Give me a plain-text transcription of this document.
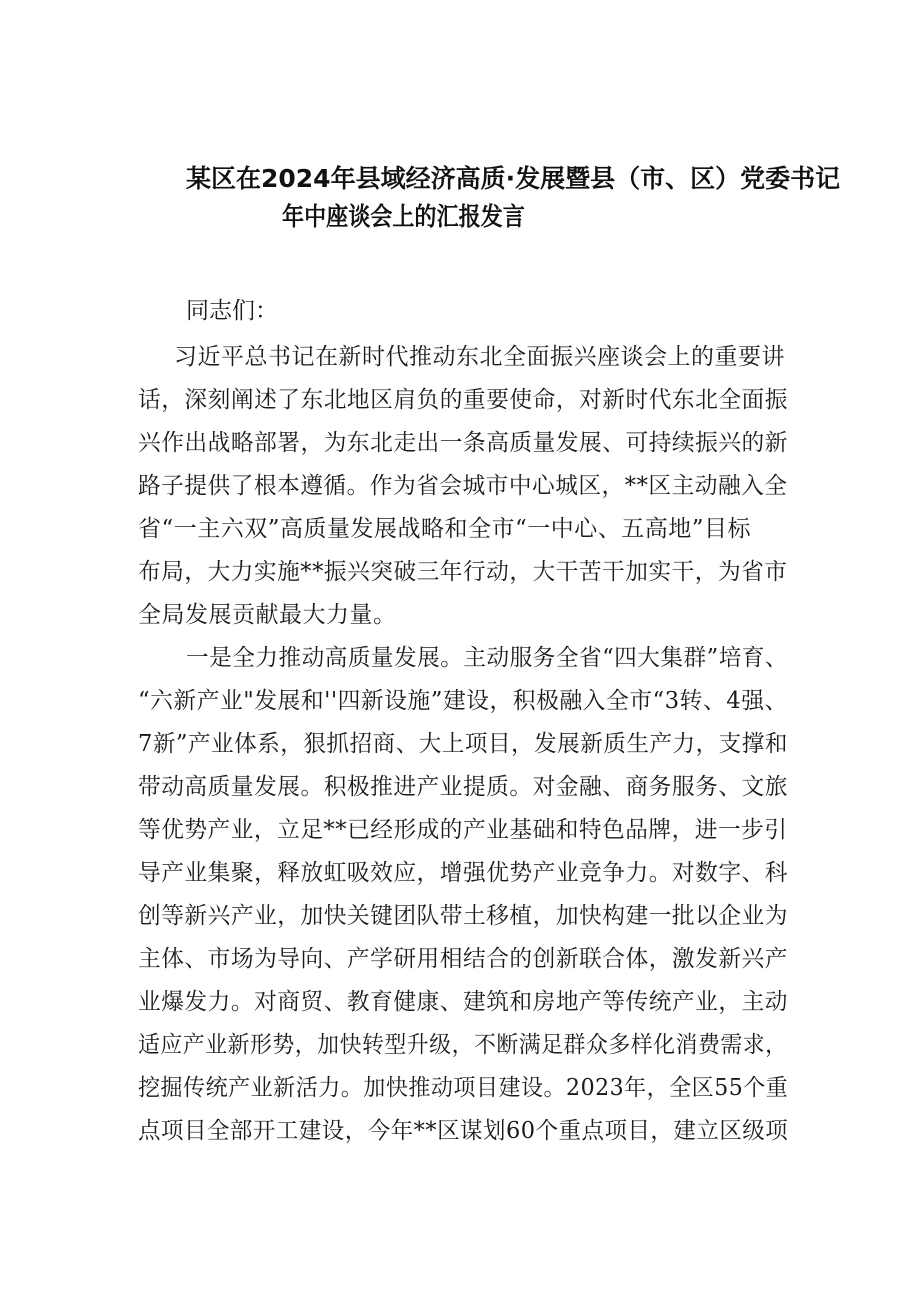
某区在2024年县域经济高质·发展暨县（市、区）党委书记
年中座谈会上的汇报发言
同志们：
习近平总书记在新时代推动东北全面振兴座谈会上的重要讲
话，深刻阐述了东北地区肩负的重要使命，对新时代东北全面振
兴作出战略部署，为东北走出一条高质量发展、可持续振兴的新
路子提供了根本遵循。作为省会城市中心城区，**区主动融入全
省“一主六双”高质量发展战略和全市“一中心、五高地”目标
布局，大力实施**振兴突破三年行动，大干苦干加实干，为省市
全局发展贡献最大力量。
一是全力推动高质量发展。主动服务全省“四大集群”培育、
“六新产业"发展和''四新设施”建设，积极融入全市“3转、4强、
7新”产业体系，狠抓招商、大上项目，发展新质生产力，支撑和
带动高质量发展。积极推进产业提质。对金融、商务服务、文旅
等优势产业，立足**已经形成的产业基础和特色品牌，进一步引
导产业集聚，释放虹吸效应，增强优势产业竞争力。对数字、科
创等新兴产业，加快关键团队带土移植，加快构建一批以企业为
主体、市场为导向、产学研用相结合的创新联合体，激发新兴产
业爆发力。对商贸、教育健康、建筑和房地产等传统产业，主动
适应产业新形势，加快转型升级，不断满足群众多样化消费需求，
挖掘传统产业新活力。加快推动项目建设。2023年，全区55个重
点项目全部开工建设，今年**区谋划60个重点项目，建立区级项
